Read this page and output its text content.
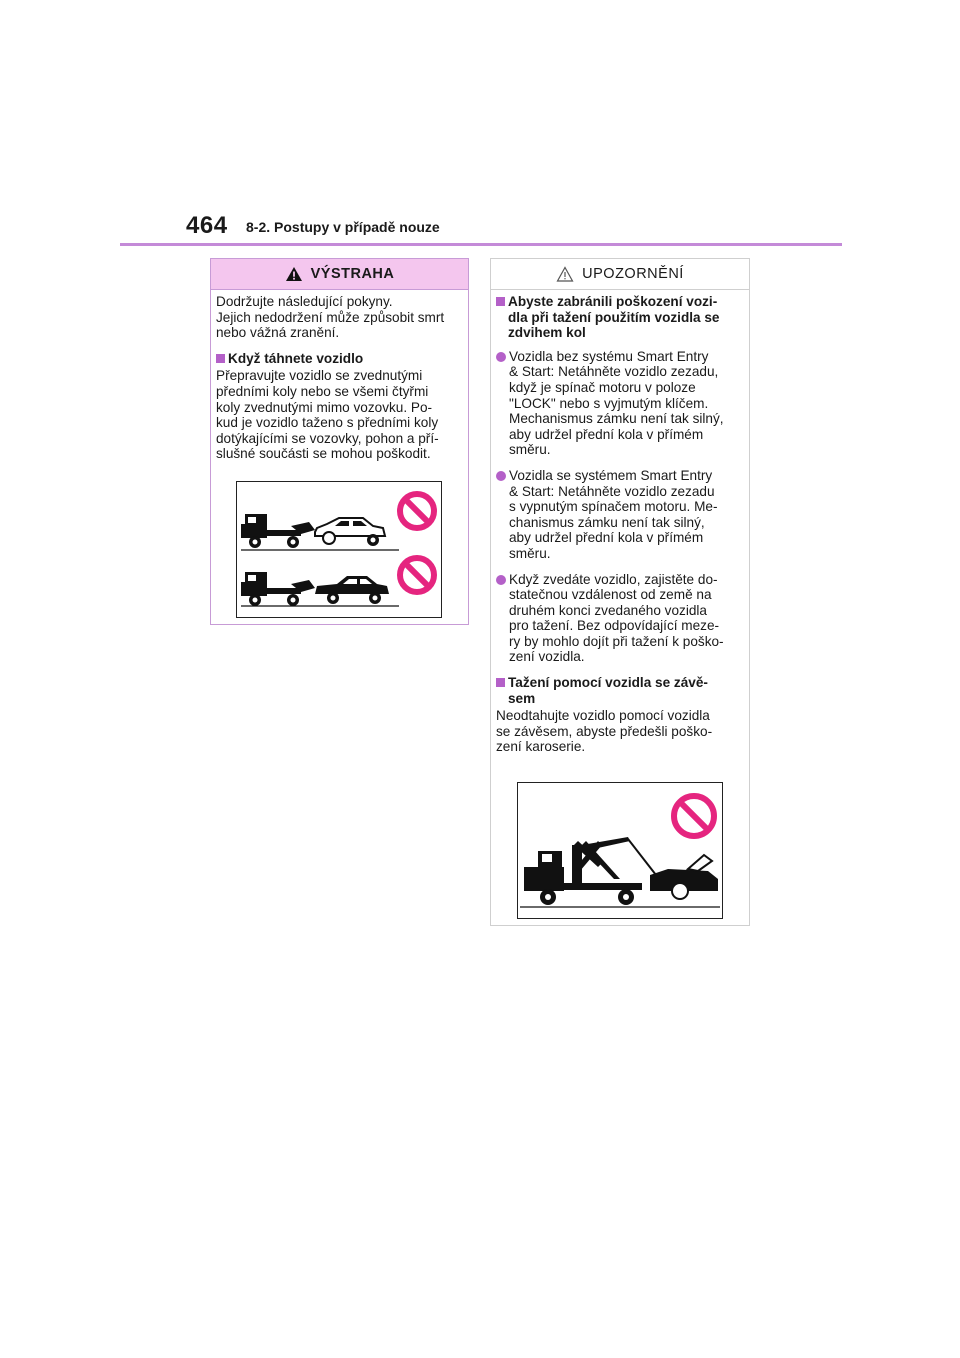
464 8-2. Postupy v případě nouze
VÝSTRAHA
Dodržujte následující pokyny.
Jejich nedodržení může způsobit smrt
nebo vážná zranění.
Když táhnete vozidlo
Přepravujte vozidlo se zvednutými
předními koly nebo se všemi čtyřmi
koly zvednutými mimo vozovku. Po-
kud je vozidlo taženo s předními koly
dotýkajícími se vozovky, pohon a pří-
slušné součásti se mohou poškodit.
UPOZORNĚNÍ
Abyste zabránili poškození vozi-
dla při tažení použitím vozidla se
zdvihem kol
Vozidla bez systému Smart Entry
& Start: Netáhněte vozidlo zezadu,
když je spínač motoru v poloze
"LOCK" nebo s vyjmutým klíčem.
Mechanismus zámku není tak silný,
aby udržel přední kola v přímém
směru.
Vozidla se systémem Smart Entry
& Start: Netáhněte vozidlo zezadu
s vypnutým spínačem motoru. Me-
chanismus zámku není tak silný,
aby udržel přední kola v přímém
směru.
Když zvedáte vozidlo, zajistěte do-
statečnou vzdálenost od země na
druhém konci zvedaného vozidla
pro tažení. Bez odpovídající meze-
ry by mohlo dojít při tažení k poško-
zení vozidla.
Tažení pomocí vozidla se závě-
sem
Neodtahujte vozidlo pomocí vozidla
se závěsem, abyste předešli poško-
zení karoserie.
